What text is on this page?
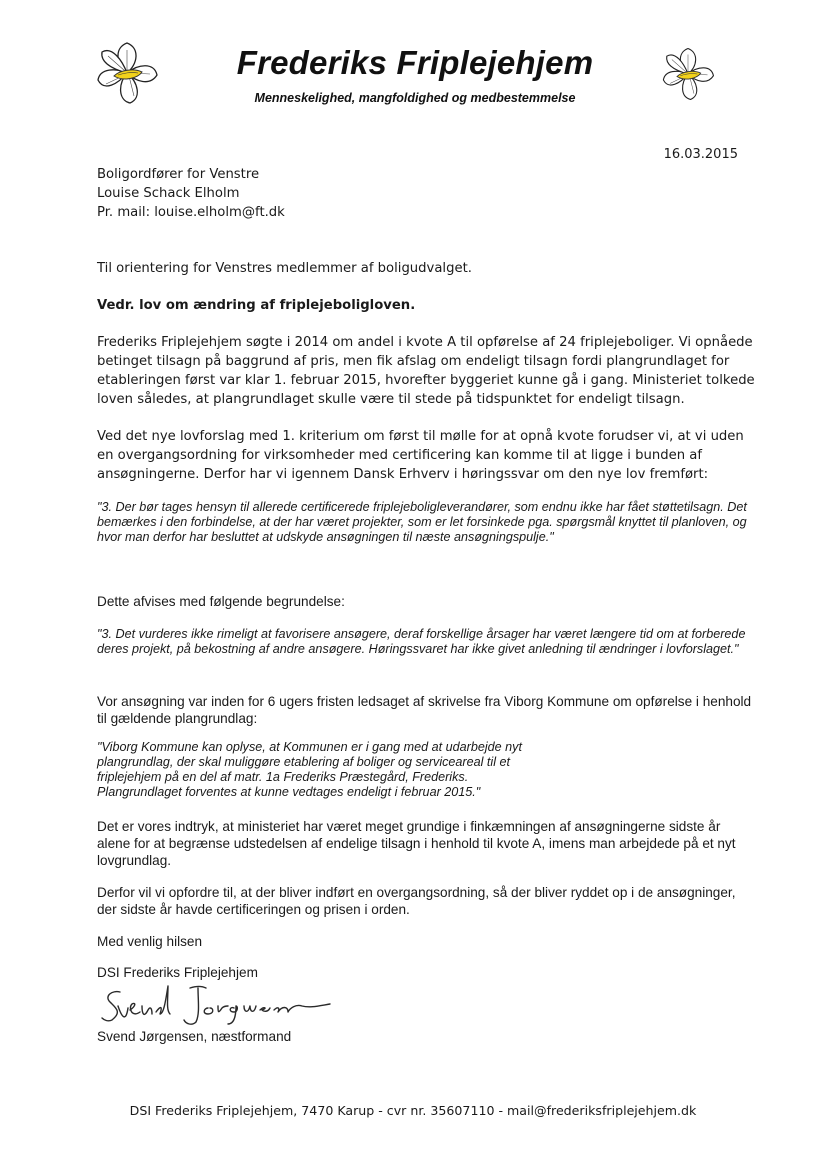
Frederiks Friplejehjem
Menneskelighed, mangfoldighed og medbestemmelse
16.03.2015
Boligordfører for Venstre
Louise Schack Elholm
Pr. mail: louise.elholm@ft.dk

Til orientering for Venstres medlemmer af boligudvalget.

Vedr. lov om ændring af friplejeboligloven.

Frederiks Friplejehjem søgte i 2014 om andel i kvote A til opførelse af 24 friplejeboliger. Vi opnåede betinget tilsagn på baggrund af pris, men fik afslag om endeligt tilsagn fordi plangrundlaget for etableringen først var klar 1. februar 2015, hvorefter byggeriet kunne gå i gang. Ministeriet tolkede loven således, at plangrundlaget skulle være til stede på tidspunktet for endeligt tilsagn.

Ved det nye lovforslag med 1. kriterium om først til mølle for at opnå kvote forudser vi, at vi uden en overgangsordning for virksomheder med certificering kan komme til at ligge i bunden af ansøgningerne. Derfor har vi igennem Dansk Erhverv i høringssvar om den nye lov fremført:

"3. Der bør tages hensyn til allerede certificerede friplejeboligleverandører, som endnu ikke har fået støttetilsagn. Det bemærkes i den forbindelse, at der har været projekter, som er let forsinkede pga. spørgsmål knyttet til planloven, og hvor man derfor har besluttet at udskyde ansøgningen til næste ansøgningspulje."

Dette afvises med følgende begrundelse:

"3. Det vurderes ikke rimeligt at favorisere ansøgere, deraf forskellige årsager har været længere tid om at forberede deres projekt, på bekostning af andre ansøgere. Høringssvaret har ikke givet anledning til ændringer i lovforslaget."

Vor ansøgning var inden for 6 ugers fristen ledsaget af skrivelse fra Viborg Kommune om opførelse i henhold til gældende plangrundlag:

"Viborg Kommune kan oplyse, at Kommunen er i gang med at udarbejde nyt
plangrundlag, der skal muliggøre etablering af boliger og serviceareal til et
friplejehjem på en del af matr. 1a Frederiks Præstegård, Frederiks.
Plangrundlaget forventes at kunne vedtages endeligt i februar 2015."

Det er vores indtryk, at ministeriet har været meget grundige i finkæmningen af ansøgningerne sidste år alene for at begrænse udstedelsen af endelige tilsagn i henhold til kvote A, imens man arbejdede på et nyt lovgrundlag.

Derfor vil vi opfordre til, at der bliver indført en overgangsordning, så der bliver ryddet op i de ansøgninger, der sidste år havde certificeringen og prisen i orden.

Med venlig hilsen

DSI Frederiks Friplejehjem

Svend Jørgensen, næstformand

DSI Frederiks Friplejehjem, 7470 Karup - cvr nr. 35607110 - mail@frederiksfriplejehjem.dk
